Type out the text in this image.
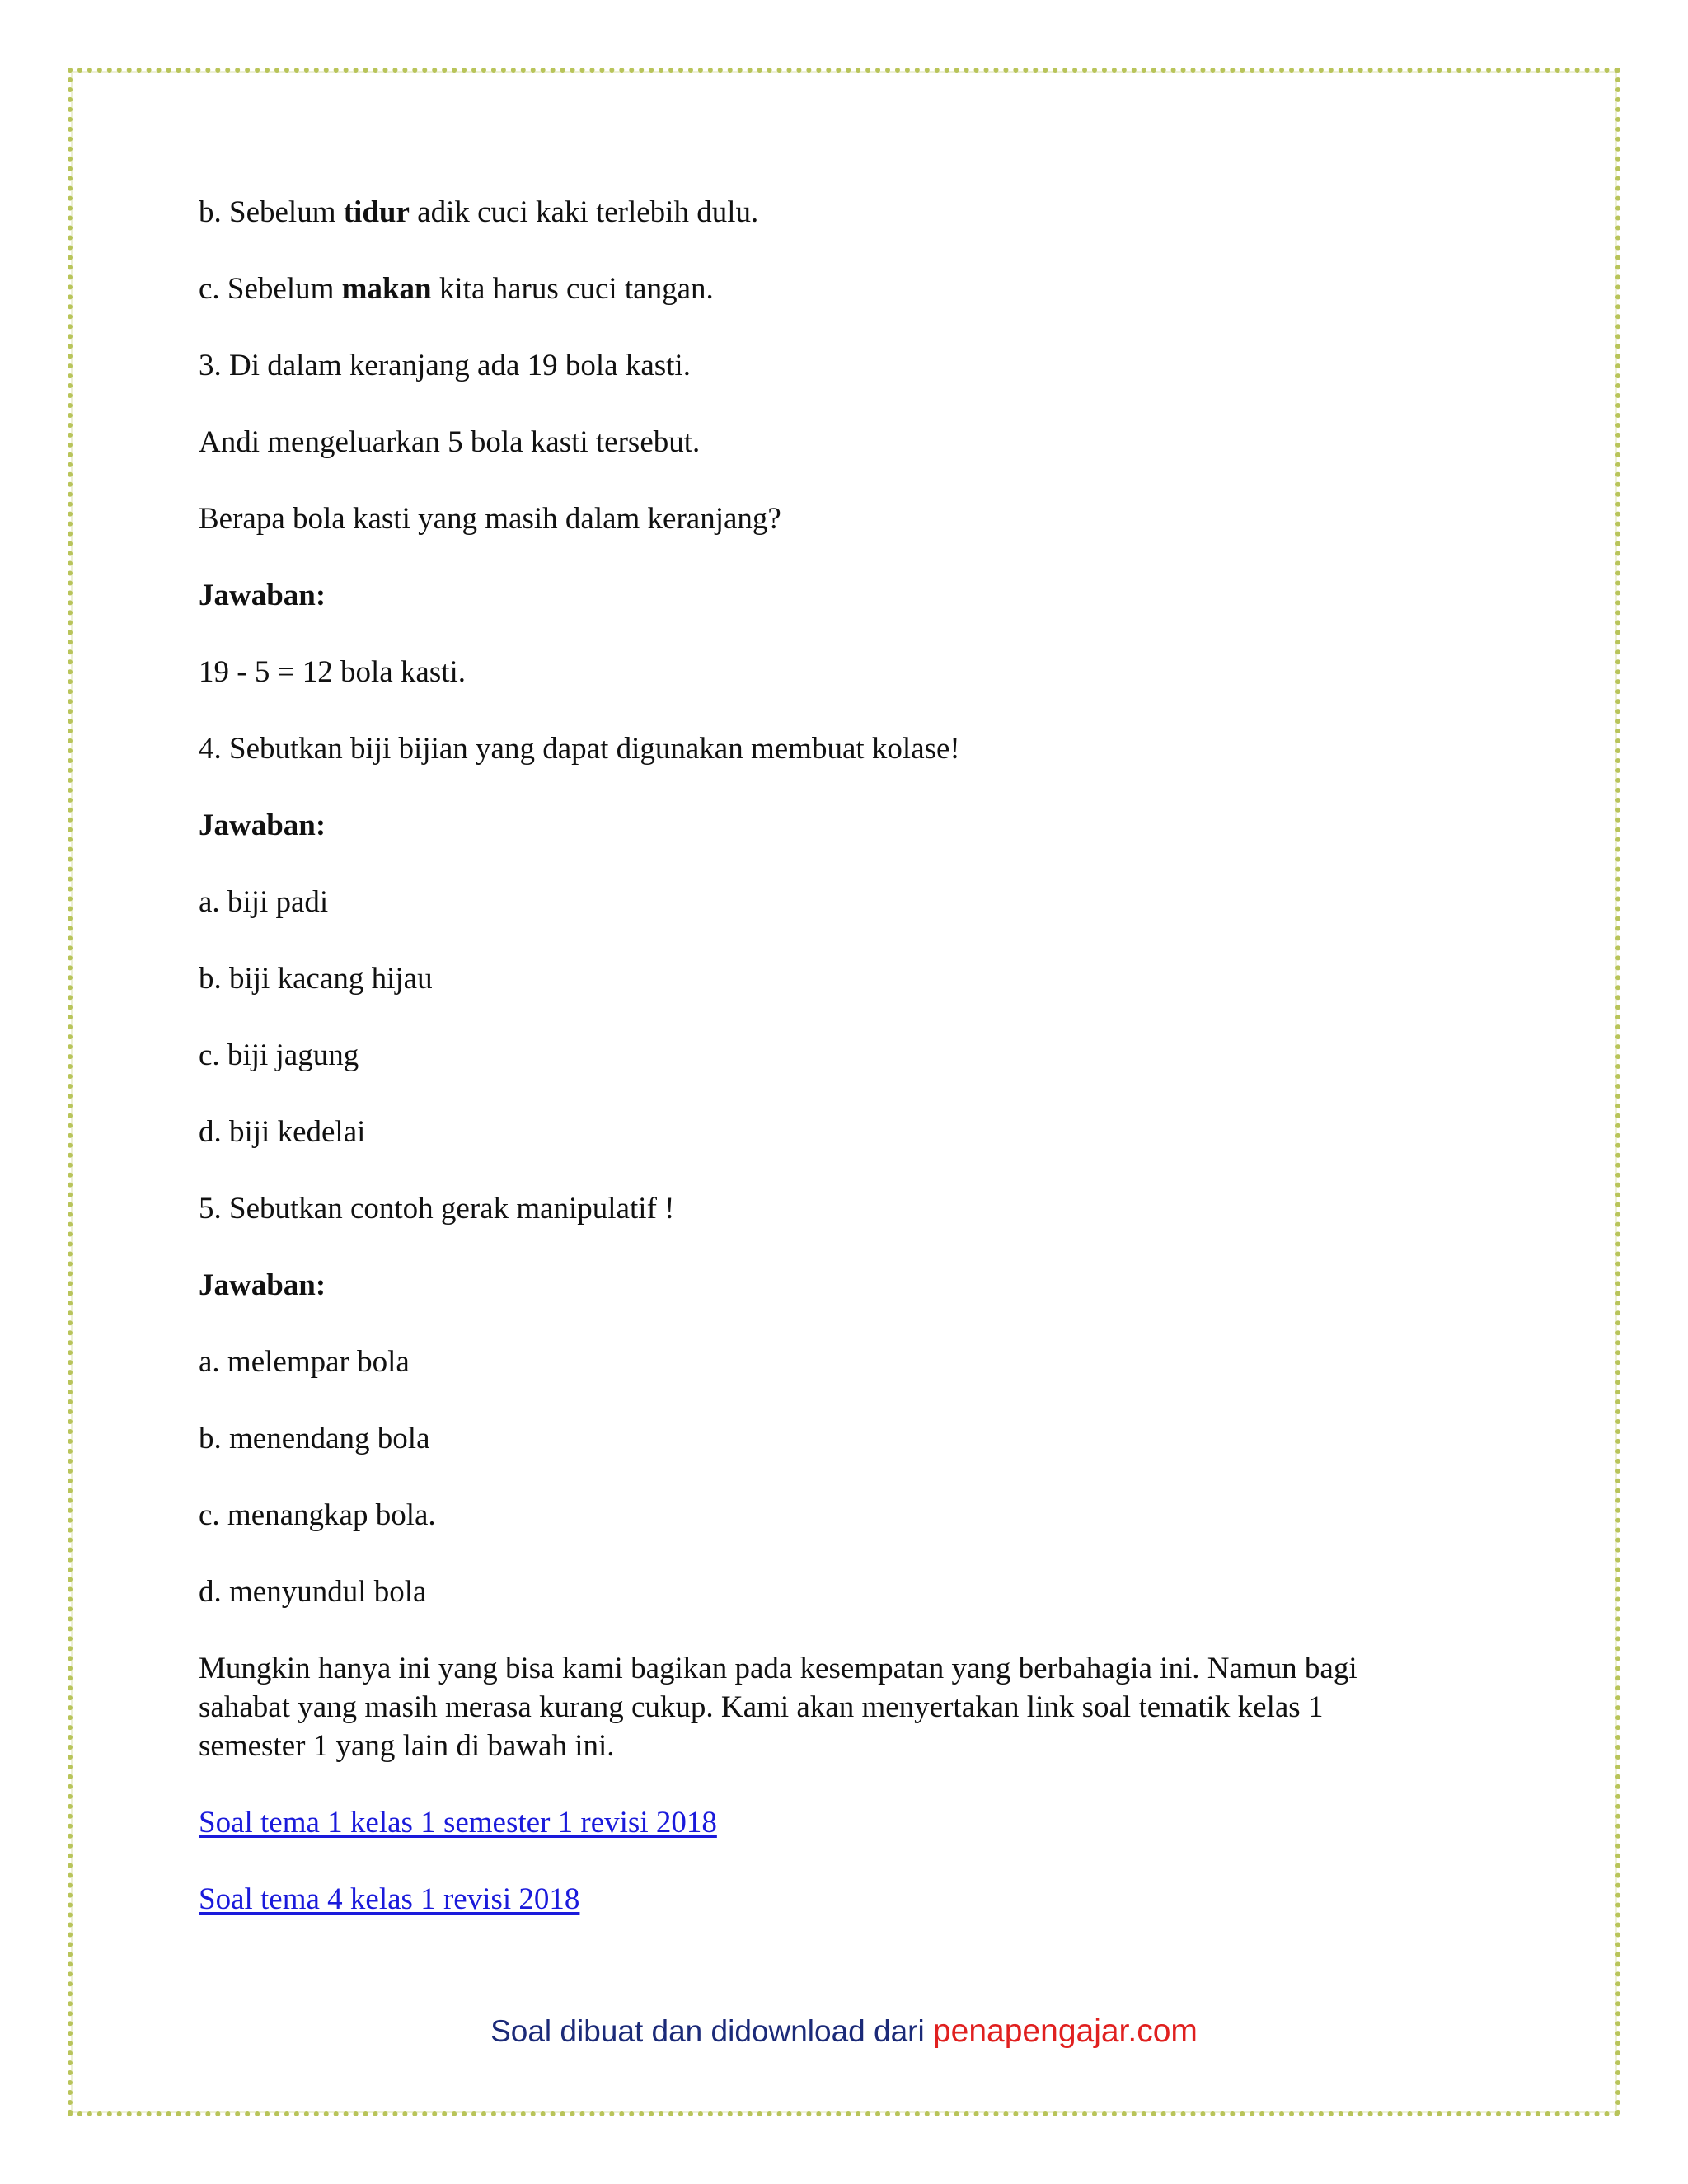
b. Sebelum tidur adik cuci kaki terlebih dulu.

c. Sebelum makan kita harus cuci tangan.

3. Di dalam keranjang ada 19 bola kasti.

Andi mengeluarkan 5 bola kasti tersebut.

Berapa bola kasti yang masih dalam keranjang?

Jawaban:

19 - 5 = 12 bola kasti.

4. Sebutkan biji bijian yang dapat digunakan membuat kolase!

Jawaban:

a. biji padi

b. biji kacang hijau

c. biji jagung

d. biji kedelai

5. Sebutkan contoh gerak manipulatif !

Jawaban:

a. melempar bola

b. menendang bola

c. menangkap bola.

d. menyundul bola

Mungkin hanya ini yang bisa kami bagikan pada kesempatan yang berbahagia ini. Namun bagi
sahabat yang masih merasa kurang cukup. Kami akan menyertakan link soal tematik kelas 1
semester 1 yang lain di bawah ini.

Soal tema 1 kelas 1 semester 1 revisi 2018

Soal tema 4 kelas 1 revisi 2018

Soal dibuat dan didownload dari penapengajar.com
